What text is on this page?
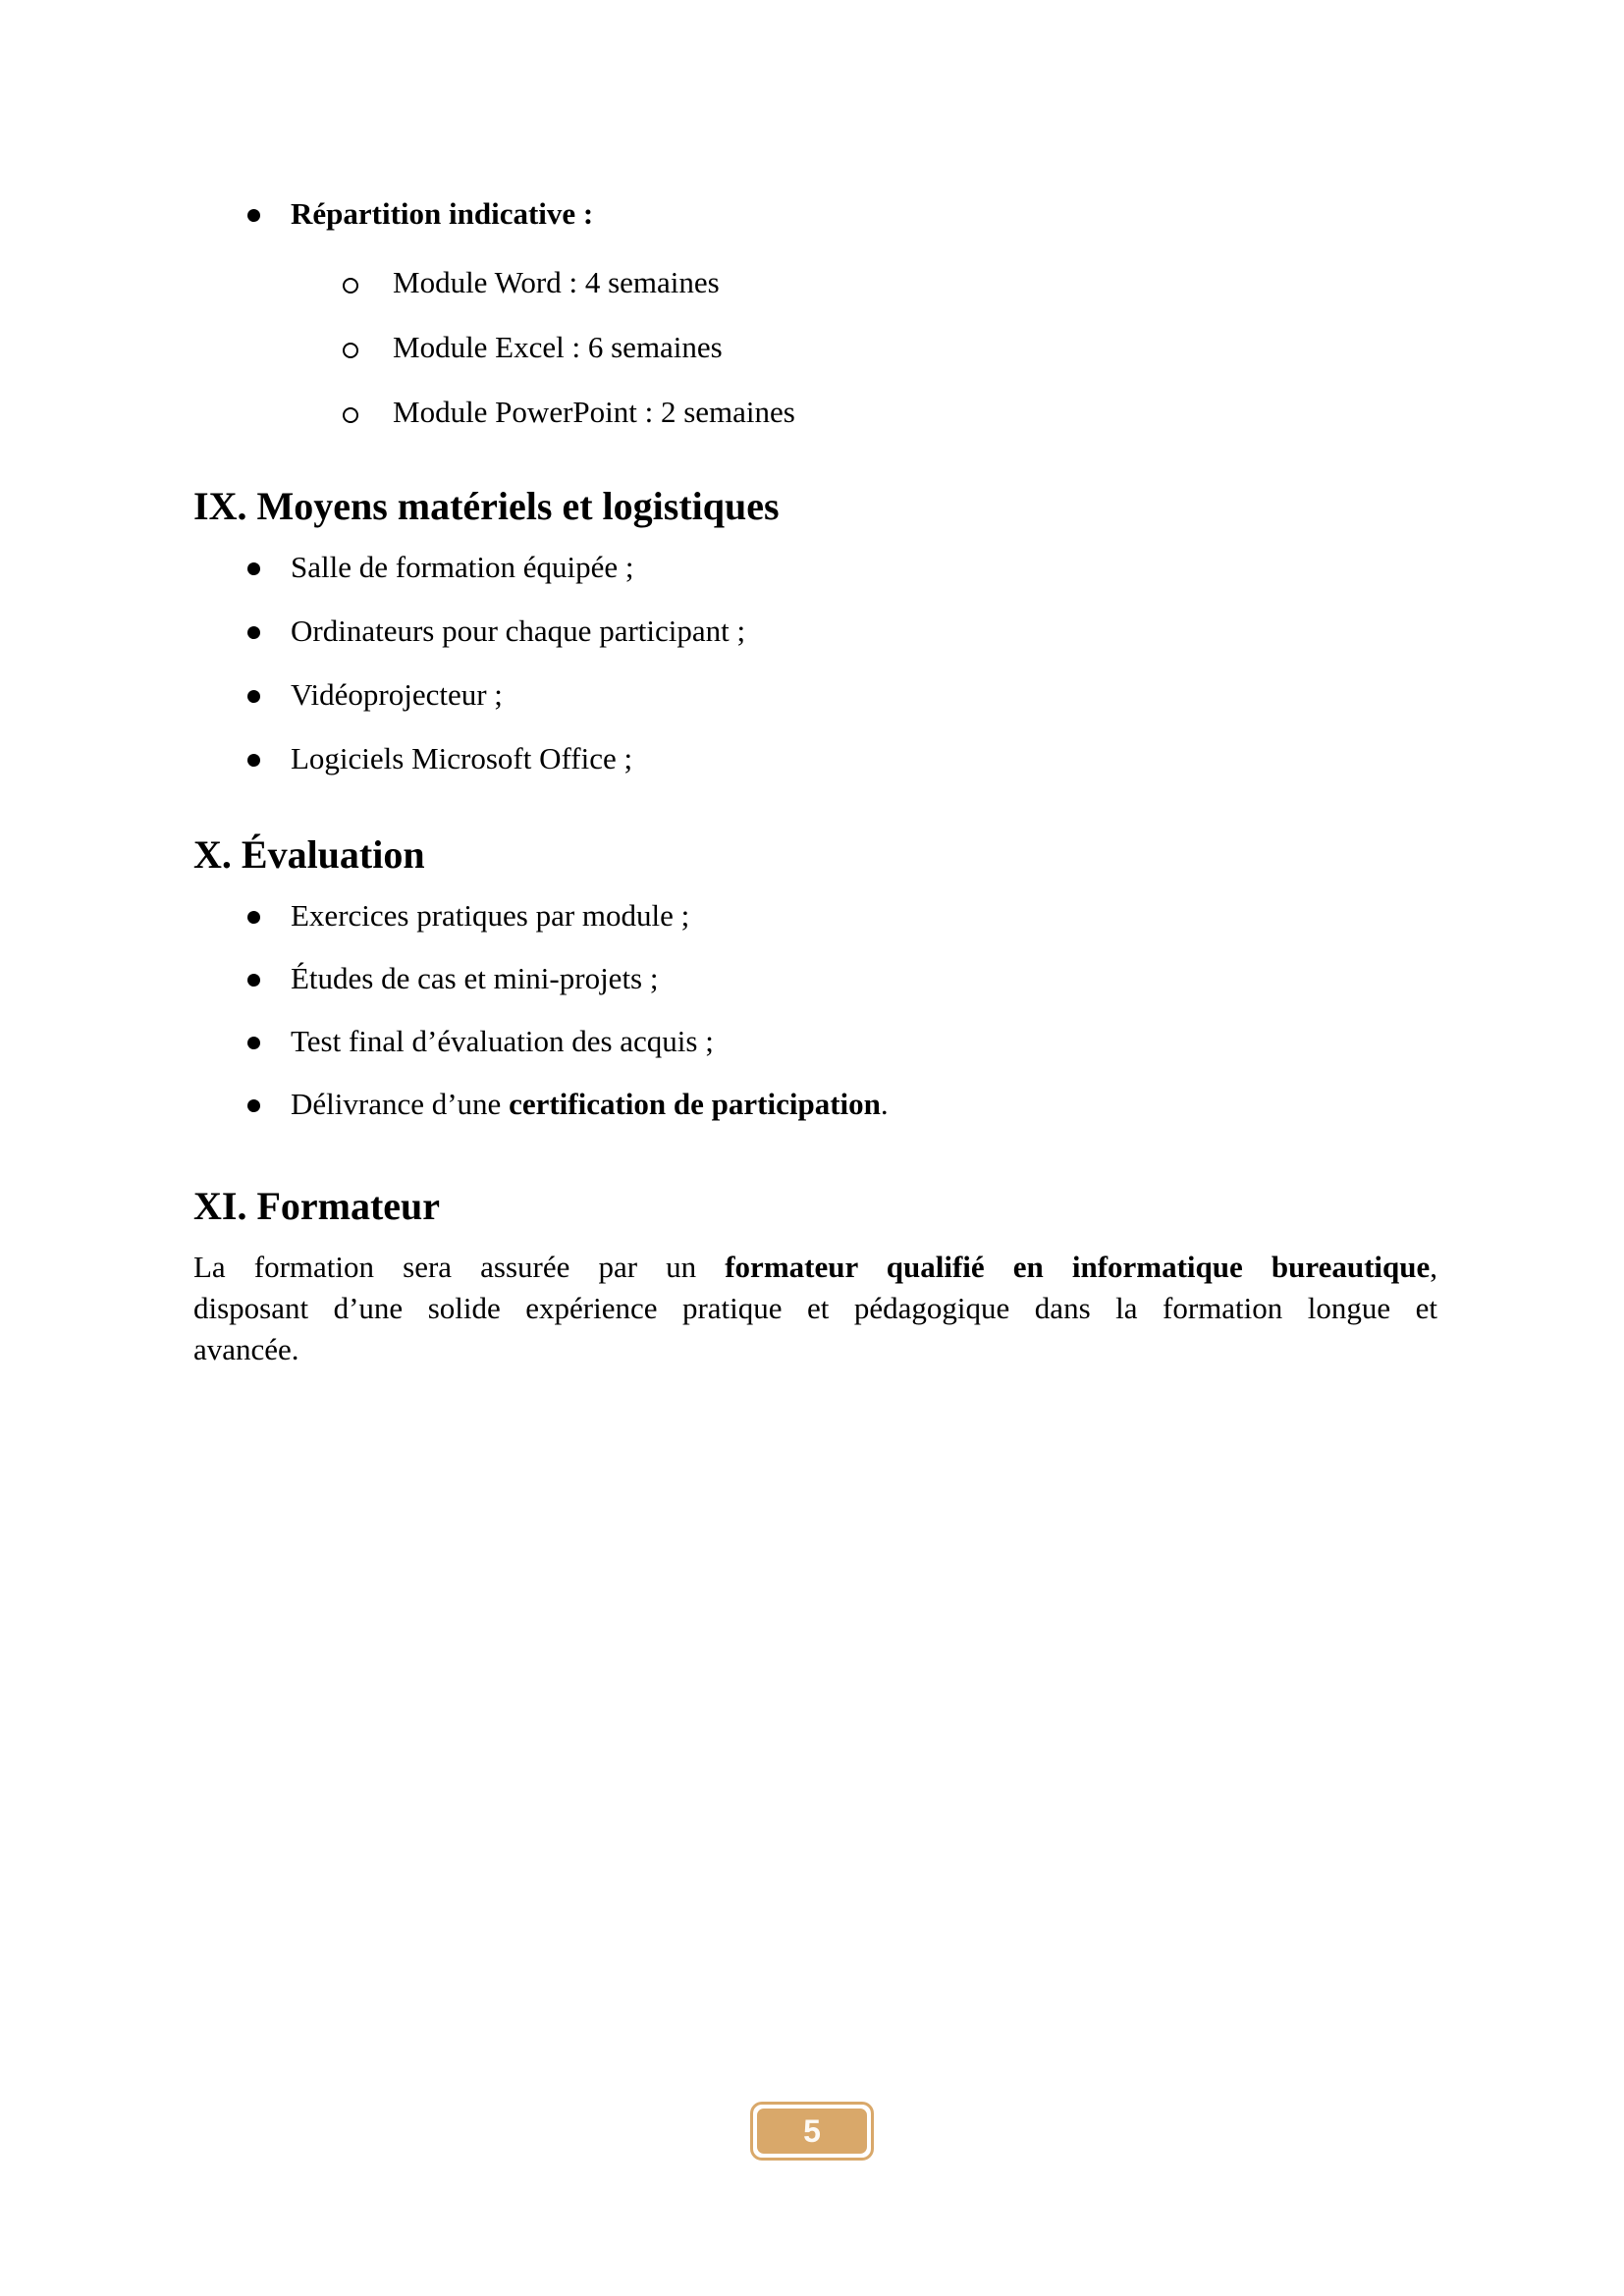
Répartition indicative :
Module Word : 4 semaines
Module Excel : 6 semaines
Module PowerPoint : 2 semaines
IX. Moyens matériels et logistiques
Salle de formation équipée ;
Ordinateurs pour chaque participant ;
Vidéoprojecteur ;
Logiciels Microsoft Office ;
X. Évaluation
Exercices pratiques par module ;
Études de cas et mini-projets ;
Test final d’évaluation des acquis ;
Délivrance d’une certification de participation.
XI. Formateur
La formation sera assurée par un formateur qualifié en informatique bureautique,
disposant d’une solide expérience pratique et pédagogique dans la formation longue et
avancée.
5
